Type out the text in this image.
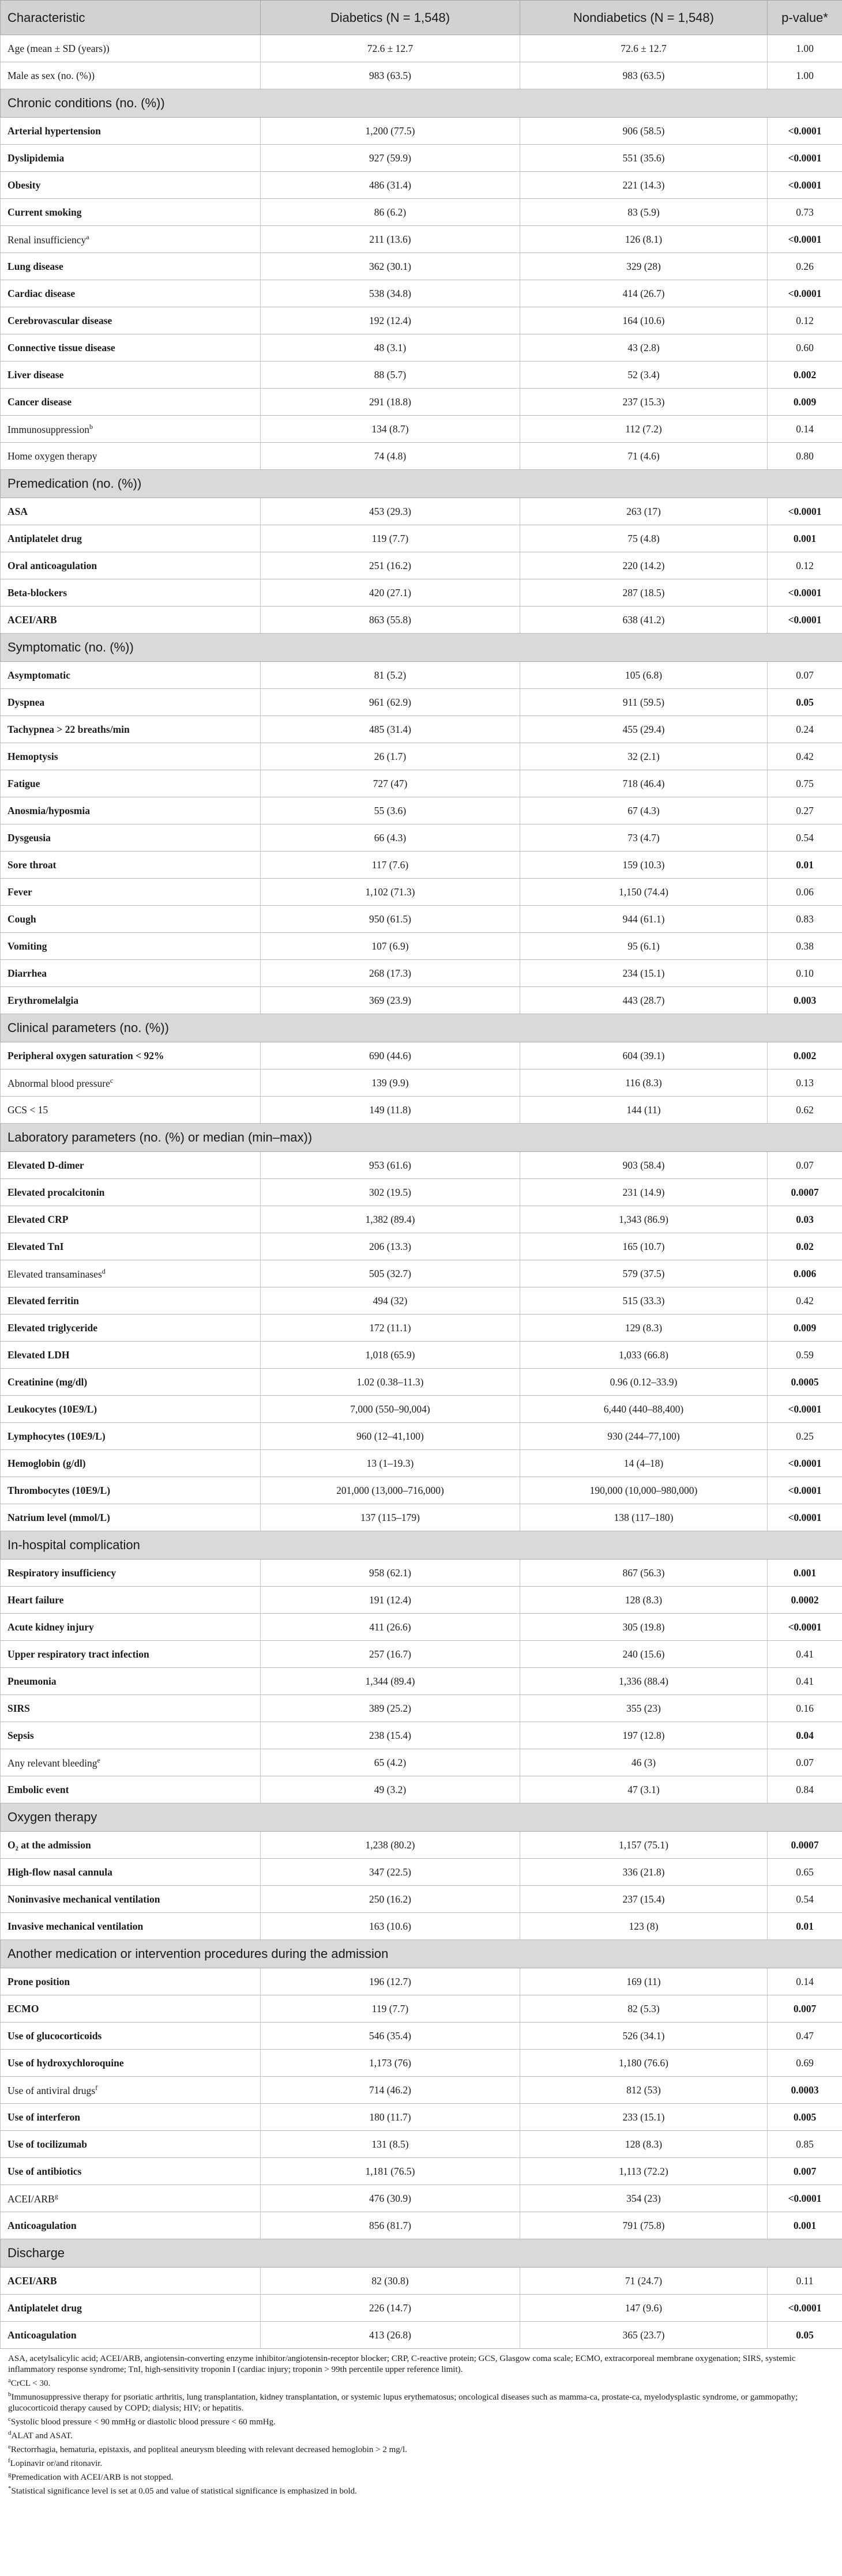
Characteristic	Diabetics (N = 1,548)	Nondiabetics (N = 1,548)	p-value*
Age (mean ± SD (years))	72.6 ± 12.7	72.6 ± 12.7	1.00
Male as sex (no. (%))	983 (63.5)	983 (63.5)	1.00
Chronic conditions (no. (%))			
Arterial hypertension	1,200 (77.5)	906 (58.5)	<0.0001
Dyslipidemia	927 (59.9)	551 (35.6)	<0.0001
Obesity	486 (31.4)	221 (14.3)	<0.0001
Current smoking	86 (6.2)	83 (5.9)	0.73
Renal insufficiency$^a$	211 (13.6)	126 (8.1)	<0.0001
Lung disease	362 (30.1)	329 (28)	0.26
Cardiac disease	538 (34.8)	414 (26.7)	<0.0001
Cerebrovascular disease	192 (12.4)	164 (10.6)	0.12
Connective tissue disease	48 (3.1)	43 (2.8)	0.60
Liver disease	88 (5.7)	52 (3.4)	0.002
Cancer disease	291 (18.8)	237 (15.3)	0.009
Immunosuppression$^b$	134 (8.7)	112 (7.2)	0.14
Home oxygen therapy	74 (4.8)	71 (4.6)	0.80
Premedication (no. (%))			
ASA	453 (29.3)	263 (17)	<0.0001
Antiplatelet drug	119 (7.7)	75 (4.8)	0.001
Oral anticoagulation	251 (16.2)	220 (14.2)	0.12
Beta-blockers	420 (27.1)	287 (18.5)	<0.0001
ACEI/ARB	863 (55.8)	638 (41.2)	<0.0001
Symptomatic (no. (%))			
Asymptomatic	81 (5.2)	105 (6.8)	0.07
Dyspnea	961 (62.9)	911 (59.5)	0.05
Tachypnea > 22 breaths/min	485 (31.4)	455 (29.4)	0.24
Hemoptysis	26 (1.7)	32 (2.1)	0.42
Fatigue	727 (47)	718 (46.4)	0.75
Anosmia/hyposmia	55 (3.6)	67 (4.3)	0.27
Dysgeusia	66 (4.3)	73 (4.7)	0.54
Sore throat	117 (7.6)	159 (10.3)	0.01
Fever	1,102 (71.3)	1,150 (74.4)	0.06
Cough	950 (61.5)	944 (61.1)	0.83
Vomiting	107 (6.9)	95 (6.1)	0.38
Diarrhea	268 (17.3)	234 (15.1)	0.10
Erythromelalgia	369 (23.9)	443 (28.7)	0.003
Clinical parameters (no. (%))			
Peripheral oxygen saturation < 92%	690 (44.6)	604 (39.1)	0.002
Abnormal blood pressure$^c$	139 (9.9)	116 (8.3)	0.13
GCS < 15	149 (11.8)	144 (11)	0.62
Laboratory parameters (no. (%) or median (min–max))			
Elevated D-dimer	953 (61.6)	903 (58.4)	0.07
Elevated procalcitonin	302 (19.5)	231 (14.9)	0.0007
Elevated CRP	1,382 (89.4)	1,343 (86.9)	0.03
Elevated TnI	206 (13.3)	165 (10.7)	0.02
Elevated transaminases$^d$	505 (32.7)	579 (37.5)	0.006
Elevated ferritin	494 (32)	515 (33.3)	0.42
Elevated triglyceride	172 (11.1)	129 (8.3)	0.009
Elevated LDH	1,018 (65.9)	1,033 (66.8)	0.59
Creatinine (mg/dl)	1.02 (0.38–11.3)	0.96 (0.12–33.9)	0.0005
Leukocytes (10E9/L)	7,000 (550–90,004)	6,440 (440–88,400)	<0.0001
Lymphocytes (10E9/L)	960 (12–41,100)	930 (244–77,100)	0.25
Hemoglobin (g/dl)	13 (1–19.3)	14 (4–18)	<0.0001
Thrombocytes (10E9/L)	201,000 (13,000–716,000)	190,000 (10,000–980,000)	<0.0001
Natrium level (mmol/L)	137 (115–179)	138 (117–180)	<0.0001
In-hospital complication			
Respiratory insufficiency	958 (62.1)	867 (56.3)	0.001
Heart failure	191 (12.4)	128 (8.3)	0.0002
Acute kidney injury	411 (26.6)	305 (19.8)	<0.0001
Upper respiratory tract infection	257 (16.7)	240 (15.6)	0.41
Pneumonia	1,344 (89.4)	1,336 (88.4)	0.41
SIRS	389 (25.2)	355 (23)	0.16
Sepsis	238 (15.4)	197 (12.8)	0.04
Any relevant bleeding$^e$	65 (4.2)	46 (3)	0.07
Embolic event	49 (3.2)	47 (3.1)	0.84
Oxygen therapy			
O₂ at the admission	1,238 (80.2)	1,157 (75.1)	0.0007
High-flow nasal cannula	347 (22.5)	336 (21.8)	0.65
Noninvasive mechanical ventilation	250 (16.2)	237 (15.4)	0.54
Invasive mechanical ventilation	163 (10.6)	123 (8)	0.01
Another medication or intervention procedures during the admission			
Prone position	196 (12.7)	169 (11)	0.14
ECMO	119 (7.7)	82 (5.3)	0.007
Use of glucocorticoids	546 (35.4)	526 (34.1)	0.47
Use of hydroxychloroquine	1,173 (76)	1,180 (76.6)	0.69
Use of antiviral drugs$^f$	714 (46.2)	812 (53)	0.0003
Use of interferon	180 (11.7)	233 (15.1)	0.005
Use of tocilizumab	131 (8.5)	128 (8.3)	0.85
Use of antibiotics	1,181 (76.5)	1,113 (72.2)	0.007
ACEI/ARB$^g$	476 (30.9)	354 (23)	<0.0001
Anticoagulation	856 (81.7)	791 (75.8)	0.001
Discharge			
ACEI/ARB	82 (30.8)	71 (24.7)	0.11
Antiplatelet drug	226 (14.7)	147 (9.6)	<0.0001
Anticoagulation	413 (26.8)	365 (23.7)	0.05

ASA, acetylsalicylic acid; ACEI/ARB, angiotensin-converting enzyme inhibitor/angiotensin-receptor blocker; CRP, C-reactive protein; GCS, Glasgow coma scale; ECMO, extracorporeal membrane oxygenation; SIRS, systemic inflammatory response syndrome; TnI, high-sensitivity troponin I (cardiac injury; troponin > 99th percentile upper reference limit).

$^a$CrCL < 30.

$^b$Immunosuppressive therapy for psoriatic arthritis, lung transplantation, kidney transplantation, or systemic lupus erythematosus; oncological diseases such as mamma-ca, prostate-ca, myelodysplastic syndrome, or gammopathy; glucocorticoid therapy caused by COPD; dialysis; HIV; or hepatitis.

$^c$Systolic blood pressure < 90 mmHg or diastolic blood pressure < 60 mmHg.

$^d$ALAT and ASAT.

$^e$Rectorrhagia, hematuria, epistaxis, and popliteal aneurysm bleeding with relevant decreased hemoglobin > 2 mg/l.

$^f$Lopinavir or/and ritonavir.

$^g$Premedication with ACEI/ARB is not stopped.

*Statistical significance level is set at 0.05 and value of statistical significance is emphasized in bold.
